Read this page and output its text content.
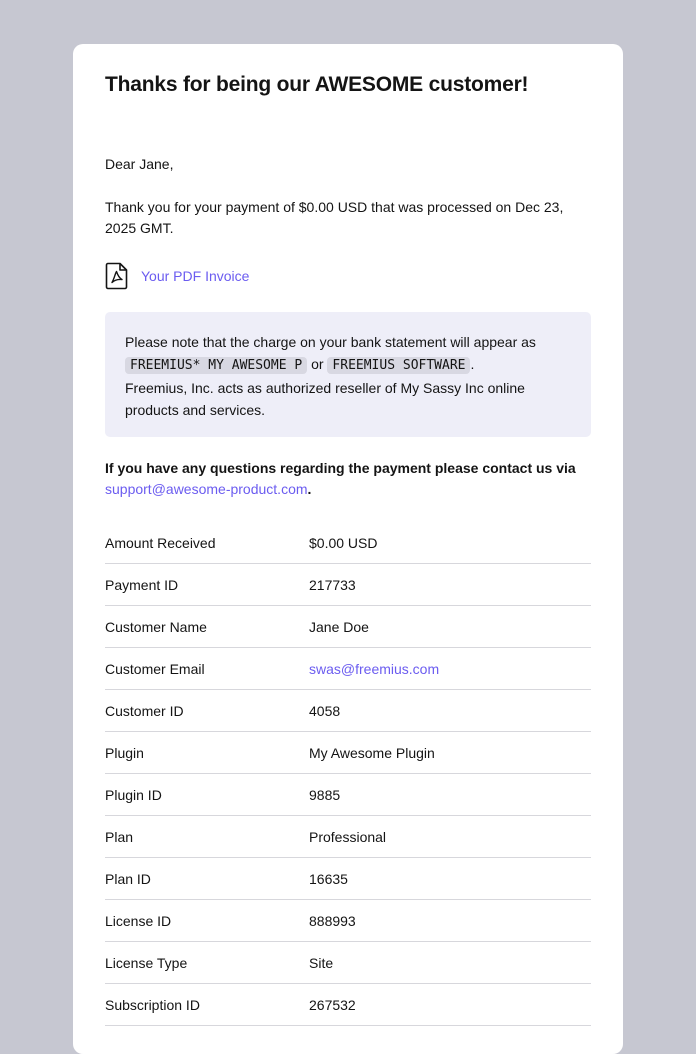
Thanks for being our AWESOME customer!
Dear Jane,
Thank you for your payment of $0.00 USD that was processed on Dec 23, 2025 GMT.
Your PDF Invoice
Please note that the charge on your bank statement will appear as
FREEMIUS* MY AWESOME P or FREEMIUS SOFTWARE .
Freemius, Inc. acts as authorized reseller of My Sassy Inc online products and services.
If you have any questions regarding the payment please contact us via
support@awesome-product.com.
Amount Received	$0.00 USD
Payment ID	217733
Customer Name	Jane Doe
Customer Email	swas@freemius.com
Customer ID	4058
Plugin	My Awesome Plugin
Plugin ID	9885
Plan	Professional
Plan ID	16635
License ID	888993
License Type	Site
Subscription ID	267532
